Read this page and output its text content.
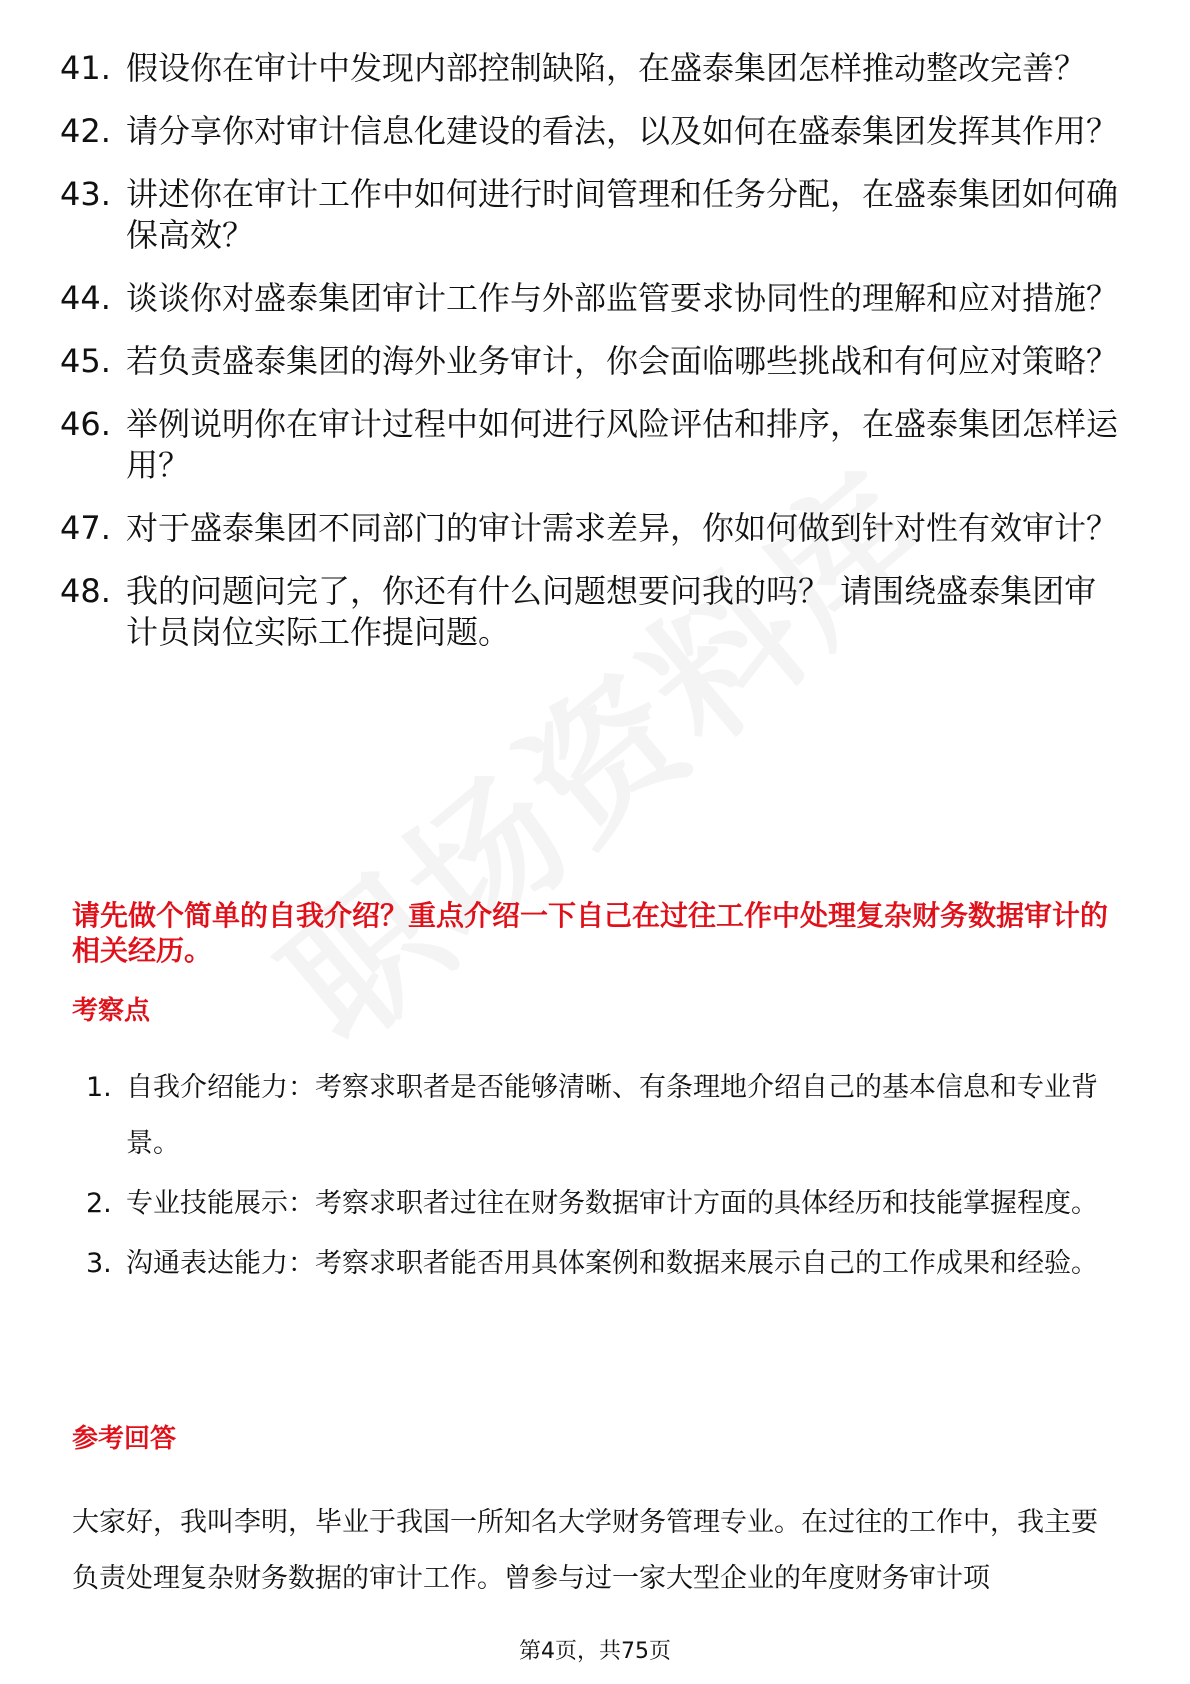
41. 假设你在审计中发现内部控制缺陷，在盛泰集团怎样推动整改完善？
42. 请分享你对审计信息化建设的看法，以及如何在盛泰集团发挥其作用？
43. 讲述你在审计工作中如何进行时间管理和任务分配，在盛泰集团如何确保高效？
44. 谈谈你对盛泰集团审计工作与外部监管要求协同性的理解和应对措施？
45. 若负责盛泰集团的海外业务审计，你会面临哪些挑战和有何应对策略？
46. 举例说明你在审计过程中如何进行风险评估和排序，在盛泰集团怎样运用？
47. 对于盛泰集团不同部门的审计需求差异，你如何做到针对性有效审计？
48. 我的问题问完了，你还有什么问题想要问我的吗？ 请围绕盛泰集团审计员岗位实际工作提问题。

请先做个简单的自我介绍？重点介绍一下自己在过往工作中处理复杂财务数据审计的相关经历。

考察点
1. 自我介绍能力：考察求职者是否能够清晰、有条理地介绍自己的基本信息和专业背景。
2. 专业技能展示：考察求职者过往在财务数据审计方面的具体经历和技能掌握程度。
3. 沟通表达能力：考察求职者能否用具体案例和数据来展示自己的工作成果和经验。
参考回答

大家好，我叫李明，毕业于我国一所知名大学财务管理专业。在过往的工作中，我主要负责处理复杂财务数据的审计工作。曾参与过一家大型企业的年度财务审计项

第4页，共75页
